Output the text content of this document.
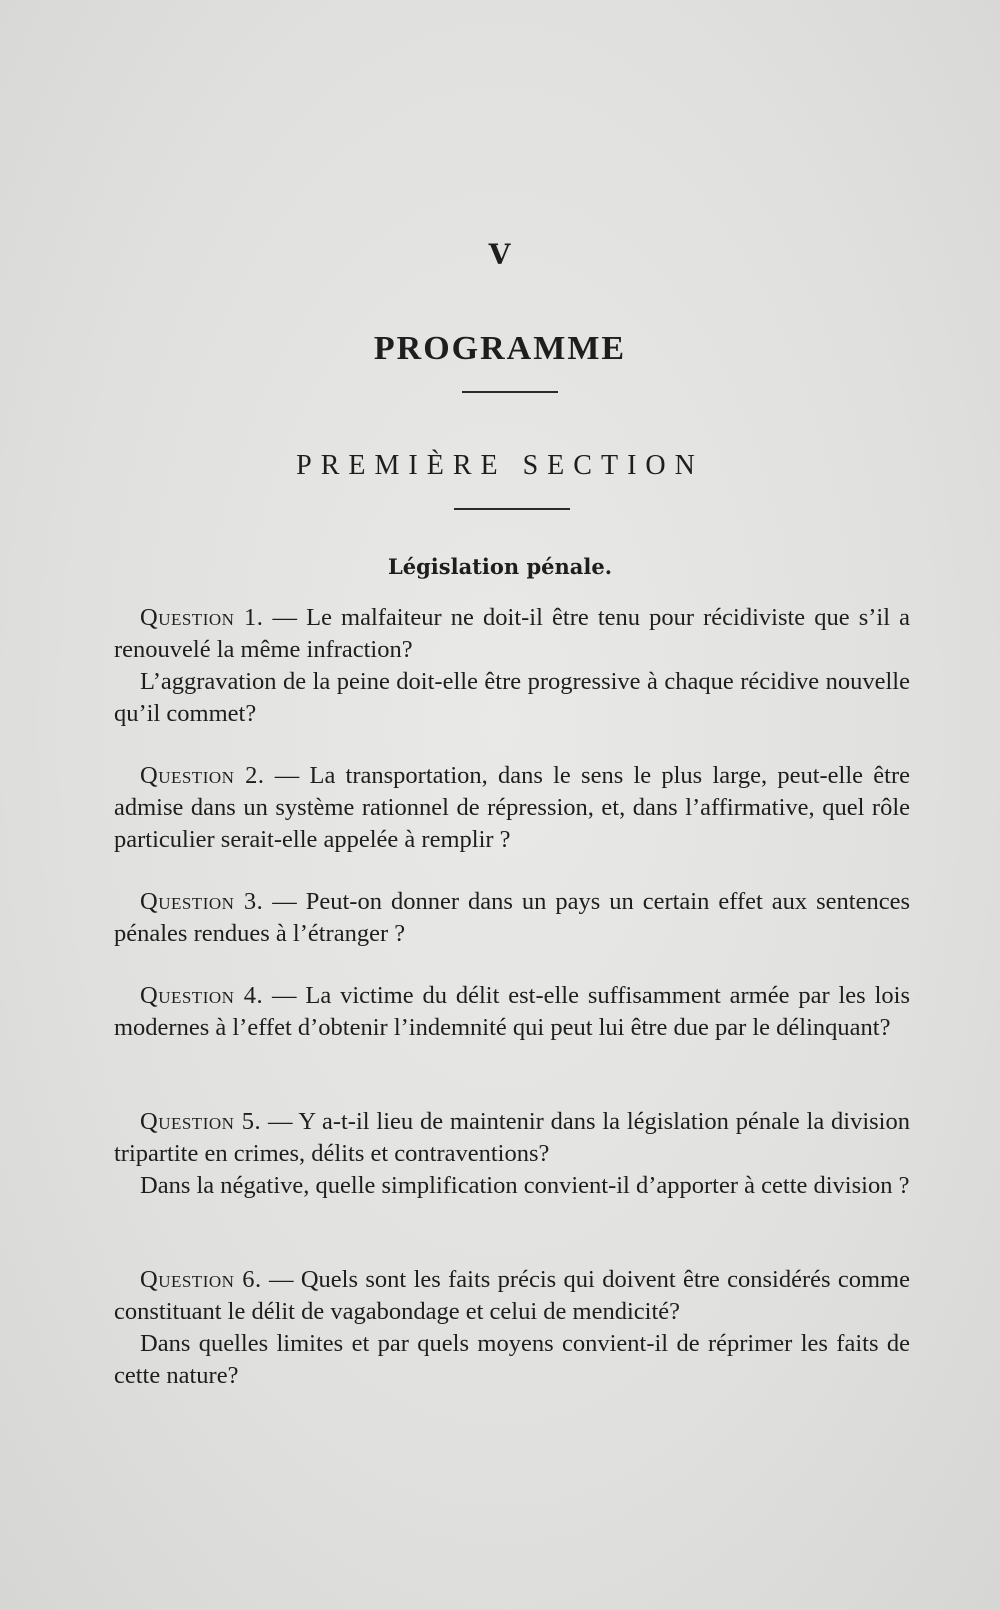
V
PROGRAMME
PREMIÈRE SECTION
Législation pénale.

Question 1. — Le malfaiteur ne doit-il être tenu pour récidiviste que s’il a renouvelé la même infraction?

L’aggravation de la peine doit-elle être progressive à chaque récidive nouvelle qu’il commet?

Question 2. — La transportation, dans le sens le plus large, peut-elle être admise dans un système rationnel de répression, et, dans l’affirmative, quel rôle particulier serait-elle appelée à remplir ?

Question 3. — Peut-on donner dans un pays un certain effet aux sentences pénales rendues à l’étranger ?

Question 4. — La victime du délit est-elle suffisamment armée par les lois modernes à l’effet d’obtenir l’indemnité qui peut lui être due par le délinquant?

Question 5. — Y a-t-il lieu de maintenir dans la législation pénale la division tripartite en crimes, délits et contraventions?

Dans la négative, quelle simplification convient-il d’apporter à cette division ?

Question 6. — Quels sont les faits précis qui doivent être considérés comme constituant le délit de vagabondage et celui de mendicité?

Dans quelles limites et par quels moyens convient-il de réprimer les faits de cette nature?
